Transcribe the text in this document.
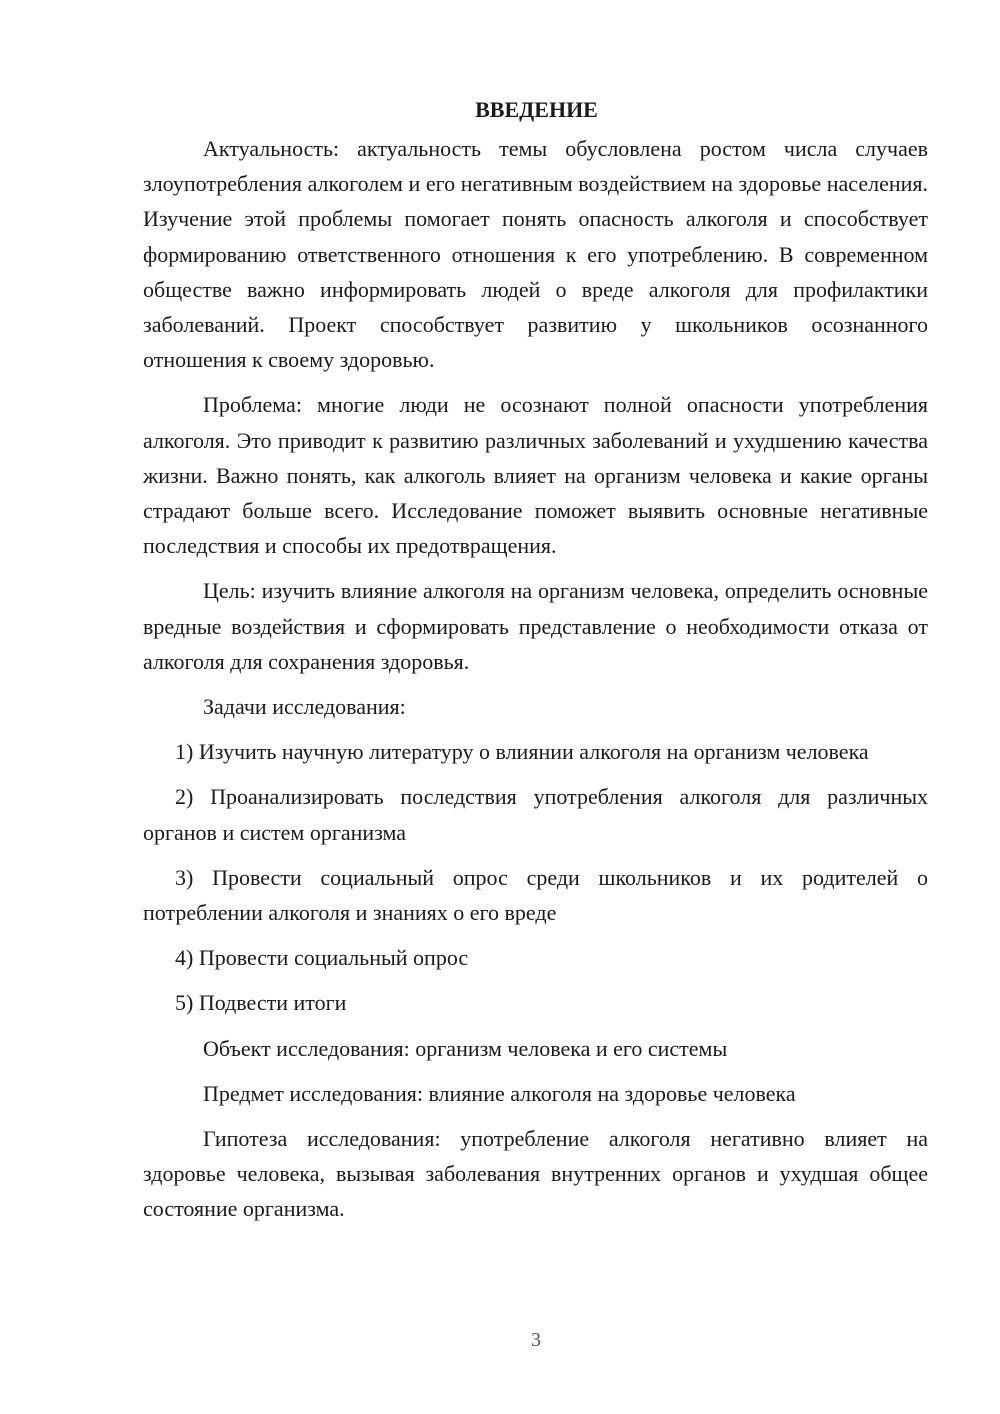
ВВЕДЕНИЕ

Актуальность: актуальность темы обусловлена ростом числа случаев злоупотребления алкоголем и его негативным воздействием на здоровье населения. Изучение этой проблемы помогает понять опасность алкоголя и способствует формированию ответственного отношения к его употреблению. В современном обществе важно информировать людей о вреде алкоголя для профилактики заболеваний. Проект способствует развитию у школьников осознанного отношения к своему здоровью.

Проблема: многие люди не осознают полной опасности употребления алкоголя. Это приводит к развитию различных заболеваний и ухудшению качества жизни. Важно понять, как алкоголь влияет на организм человека и какие органы страдают больше всего. Исследование поможет выявить основные негативные последствия и способы их предотвращения.

Цель: изучить влияние алкоголя на организм человека, определить основные вредные воздействия и сформировать представление о необходимости отказа от алкоголя для сохранения здоровья.

Задачи исследования:

1) Изучить научную литературу о влиянии алкоголя на организм человека

2) Проанализировать последствия употребления алкоголя для различных органов и систем организма

3) Провести социальный опрос среди школьников и их родителей о потреблении алкоголя и знаниях о его вреде

4) Провести социальный опрос

5) Подвести итоги

Объект исследования: организм человека и его системы

Предмет исследования: влияние алкоголя на здоровье человека

Гипотеза исследования: употребление алкоголя негативно влияет на здоровье человека, вызывая заболевания внутренних органов и ухудшая общее состояние организма.

3
